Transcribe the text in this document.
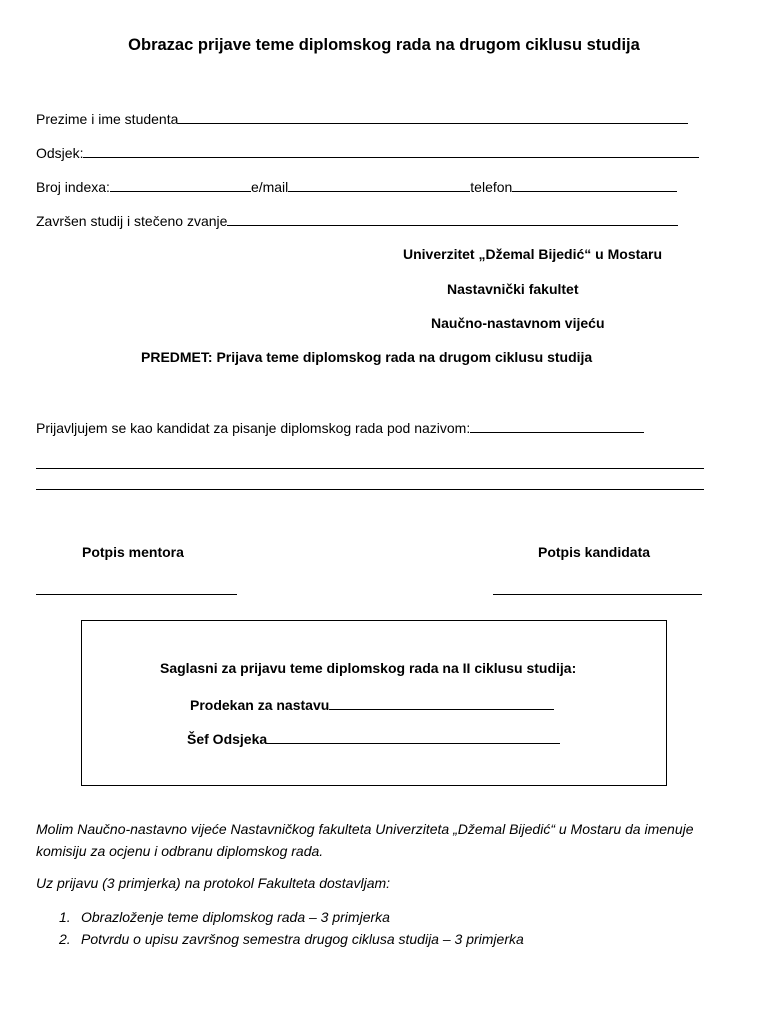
Obrazac prijave teme diplomskog rada na drugom ciklusu studija
Prezime i ime studenta
Odsjek:
Broj indexa:	e/mail	telefon
Završen studij i stečeno zvanje
Univerzitet „Džemal Bijedić“ u Mostaru
Nastavnički fakultet
Naučno-nastavnom vijeću
PREDMET: Prijava teme diplomskog rada na drugom ciklusu studija
Prijavljujem se kao kandidat za pisanje diplomskog rada pod nazivom:
Potpis mentora	Potpis kandidata
Saglasni za prijavu teme diplomskog rada na II ciklusu studija:
Prodekan za nastavu
Šef Odsjeka
Molim Naučno-nastavno vijeće Nastavničkog fakulteta Univerziteta „Džemal Bijedić“ u Mostaru da imenuje komisiju za ocjenu i odbranu diplomskog rada.
Uz prijavu (3 primjerka) na protokol Fakulteta dostavljam:
1. Obrazloženje teme diplomskog rada – 3 primjerka
2. Potvrdu o upisu završnog semestra drugog ciklusa studija – 3 primjerka
